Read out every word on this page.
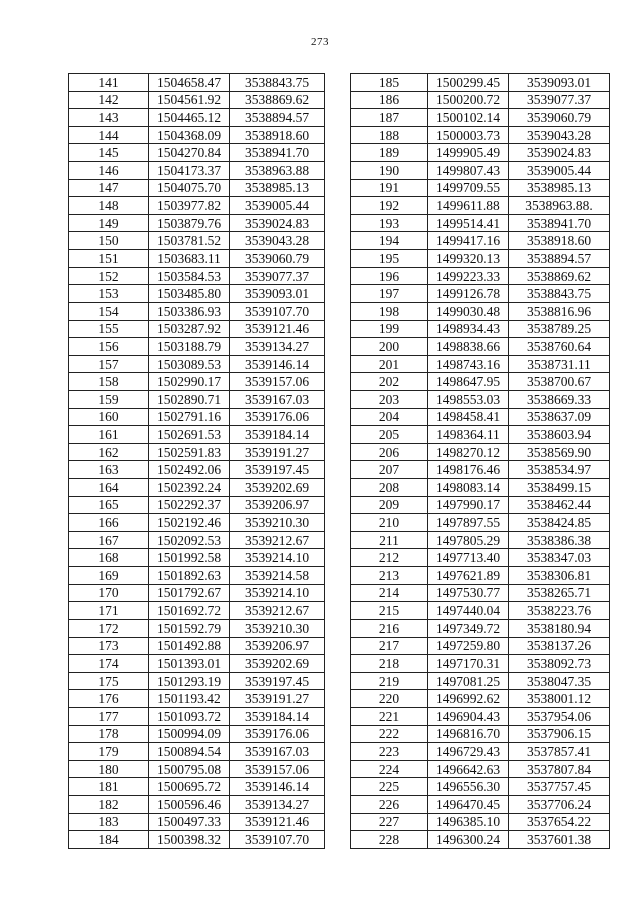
273
141	1504658.47	3538843.75
142	1504561.92	3538869.62
143	1504465.12	3538894.57
144	1504368.09	3538918.60
145	1504270.84	3538941.70
146	1504173.37	3538963.88
147	1504075.70	3538985.13
148	1503977.82	3539005.44
149	1503879.76	3539024.83
150	1503781.52	3539043.28
151	1503683.11	3539060.79
152	1503584.53	3539077.37
153	1503485.80	3539093.01
154	1503386.93	3539107.70
155	1503287.92	3539121.46
156	1503188.79	3539134.27
157	1503089.53	3539146.14
158	1502990.17	3539157.06
159	1502890.71	3539167.03
160	1502791.16	3539176.06
161	1502691.53	3539184.14
162	1502591.83	3539191.27
163	1502492.06	3539197.45
164	1502392.24	3539202.69
165	1502292.37	3539206.97
166	1502192.46	3539210.30
167	1502092.53	3539212.67
168	1501992.58	3539214.10
169	1501892.63	3539214.58
170	1501792.67	3539214.10
171	1501692.72	3539212.67
172	1501592.79	3539210.30
173	1501492.88	3539206.97
174	1501393.01	3539202.69
175	1501293.19	3539197.45
176	1501193.42	3539191.27
177	1501093.72	3539184.14
178	1500994.09	3539176.06
179	1500894.54	3539167.03
180	1500795.08	3539157.06
181	1500695.72	3539146.14
182	1500596.46	3539134.27
183	1500497.33	3539121.46
184	1500398.32	3539107.70
185	1500299.45	3539093.01
186	1500200.72	3539077.37
187	1500102.14	3539060.79
188	1500003.73	3539043.28
189	1499905.49	3539024.83
190	1499807.43	3539005.44
191	1499709.55	3538985.13
192	1499611.88	3538963.88.
193	1499514.41	3538941.70
194	1499417.16	3538918.60
195	1499320.13	3538894.57
196	1499223.33	3538869.62
197	1499126.78	3538843.75
198	1499030.48	3538816.96
199	1498934.43	3538789.25
200	1498838.66	3538760.64
201	1498743.16	3538731.11
202	1498647.95	3538700.67
203	1498553.03	3538669.33
204	1498458.41	3538637.09
205	1498364.11	3538603.94
206	1498270.12	3538569.90
207	1498176.46	3538534.97
208	1498083.14	3538499.15
209	1497990.17	3538462.44
210	1497897.55	3538424.85
211	1497805.29	3538386.38
212	1497713.40	3538347.03
213	1497621.89	3538306.81
214	1497530.77	3538265.71
215	1497440.04	3538223.76
216	1497349.72	3538180.94
217	1497259.80	3538137.26
218	1497170.31	3538092.73
219	1497081.25	3538047.35
220	1496992.62	3538001.12
221	1496904.43	3537954.06
222	1496816.70	3537906.15
223	1496729.43	3537857.41
224	1496642.63	3537807.84
225	1496556.30	3537757.45
226	1496470.45	3537706.24
227	1496385.10	3537654.22
228	1496300.24	3537601.38
